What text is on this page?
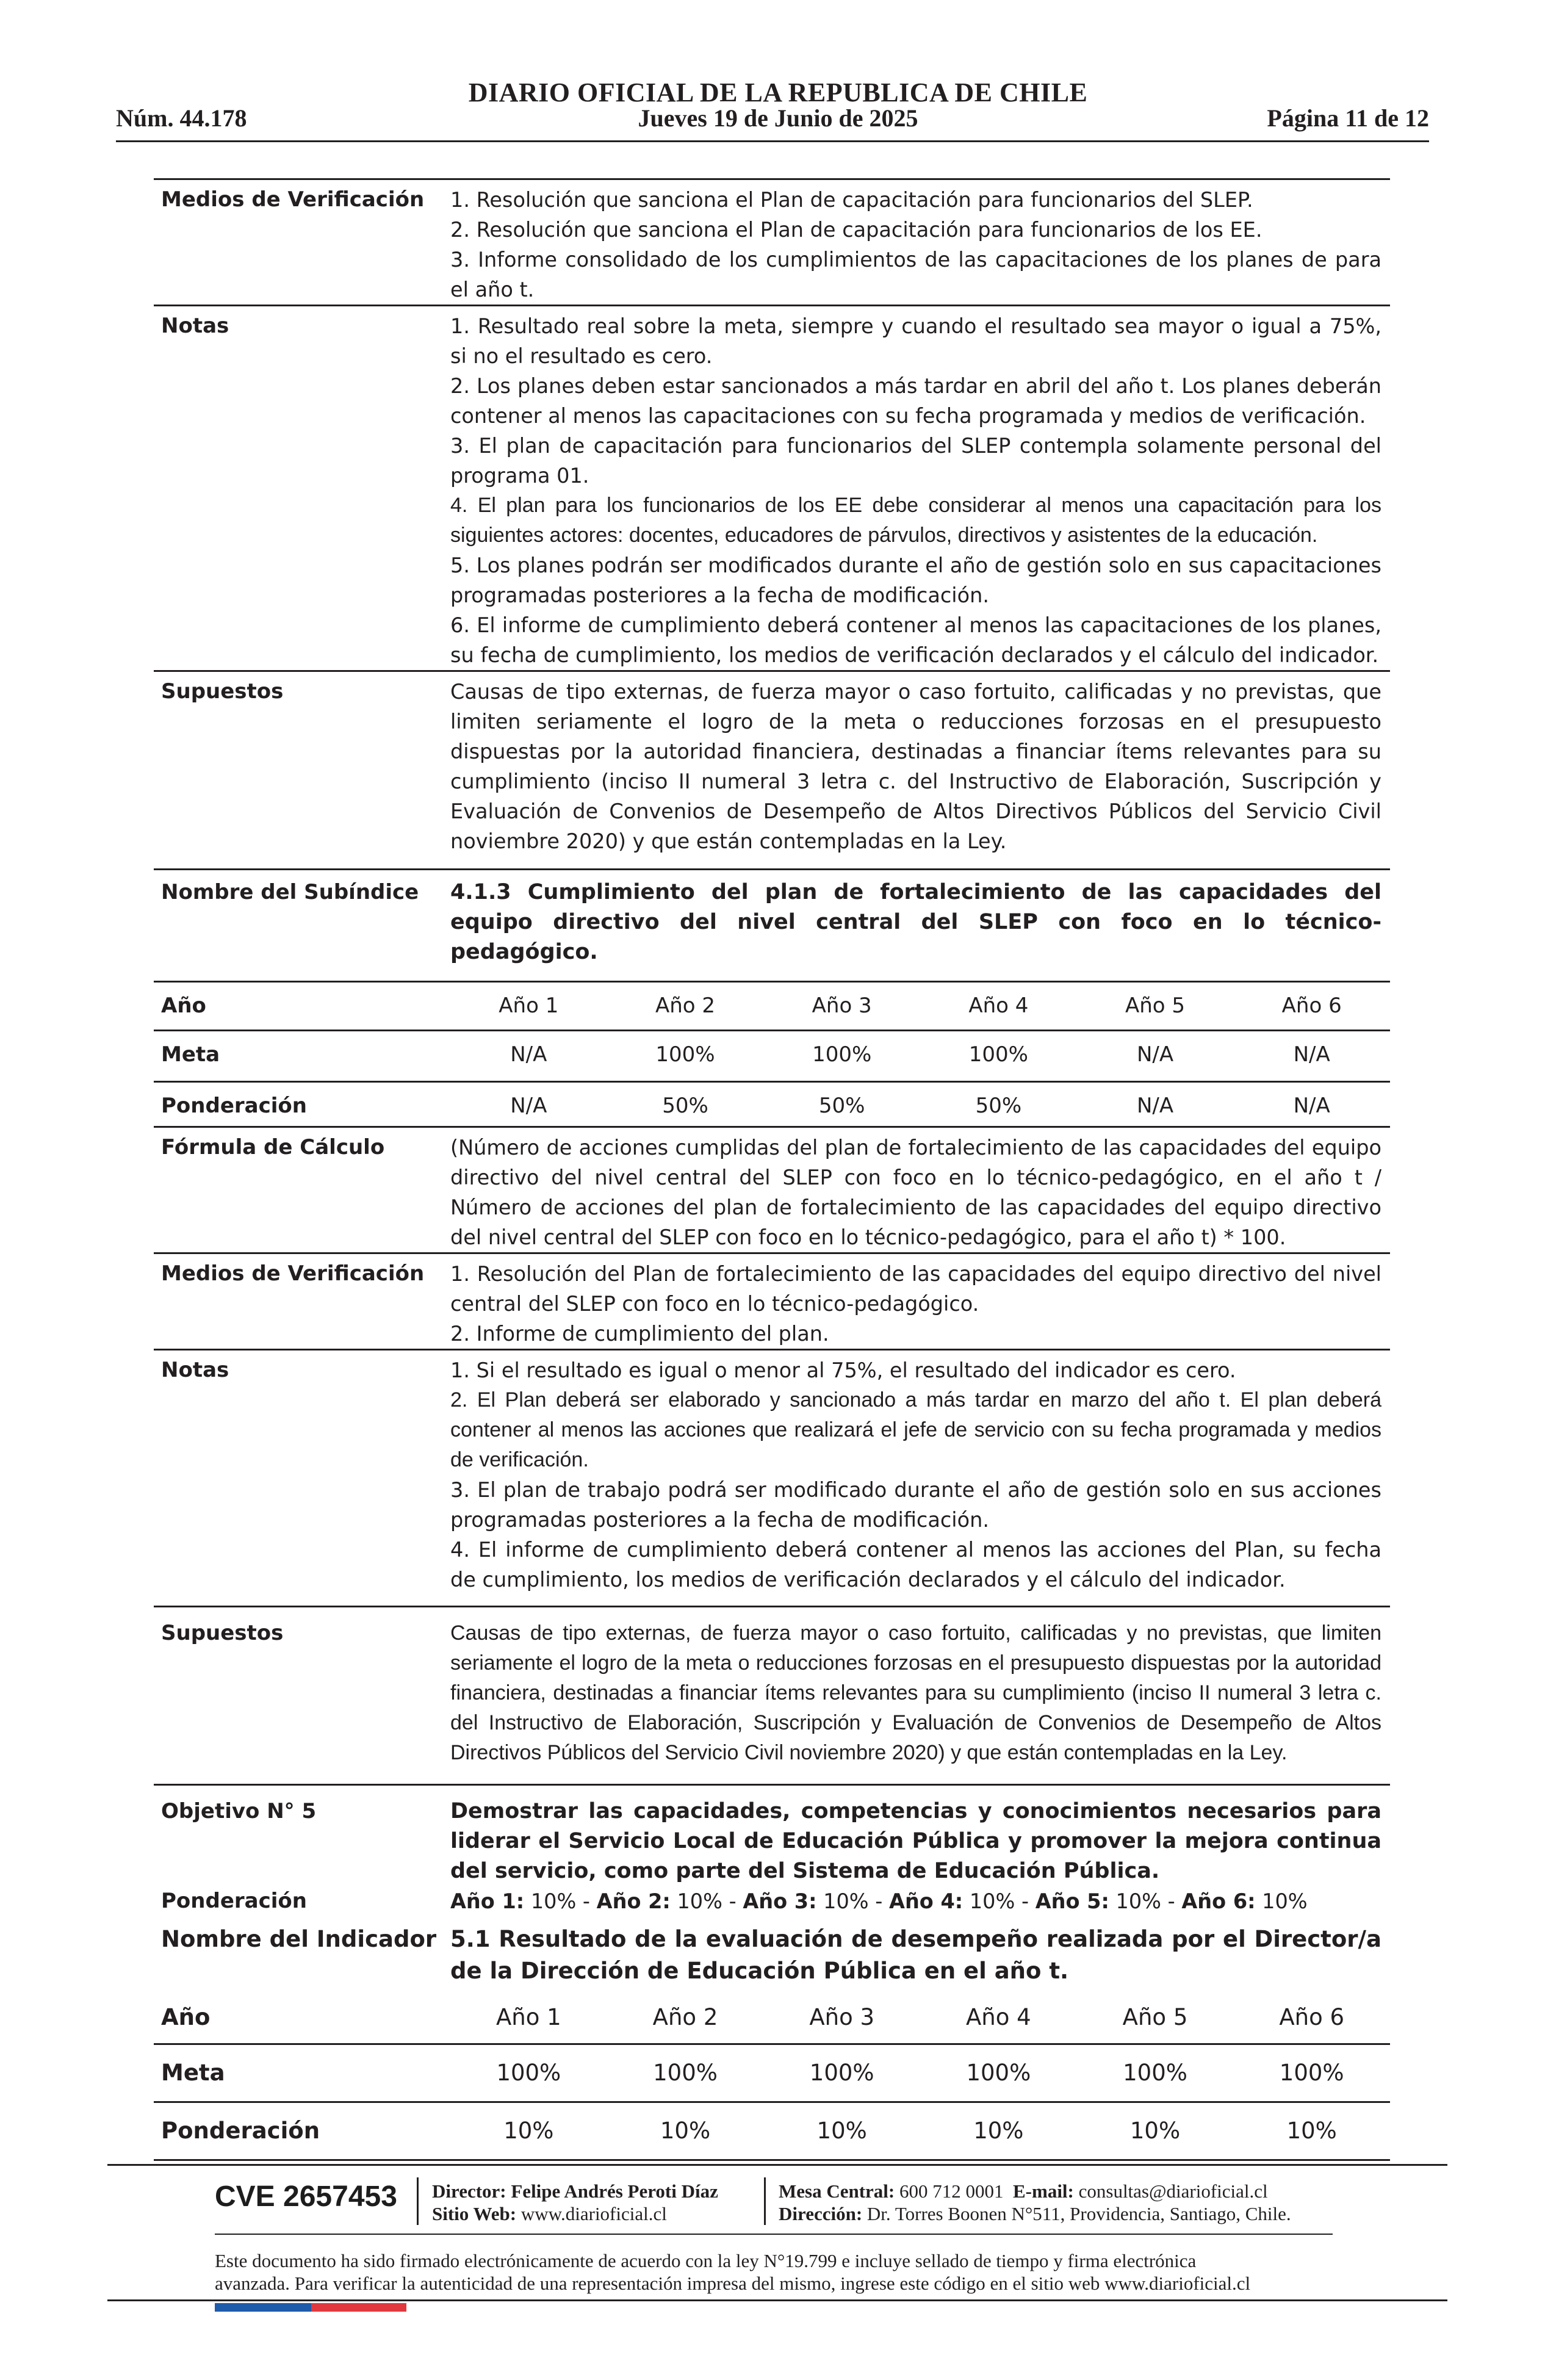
DIARIO OFICIAL DE LA REPUBLICA DE CHILE
Núm. 44.178	Jueves 19 de Junio de 2025	Página 11 de 12
Medios de Verificación	1. Resolución que sanciona el Plan de capacitación para funcionarios del SLEP.
2. Resolución que sanciona el Plan de capacitación para funcionarios de los EE.
3. Informe consolidado de los cumplimientos de las capacitaciones de los planes de para el año t.
Notas	1. Resultado real sobre la meta, siempre y cuando el resultado sea mayor o igual a 75%, si no el resultado es cero.
2. Los planes deben estar sancionados a más tardar en abril del año t. Los planes deberán contener al menos las capacitaciones con su fecha programada y medios de verificación.
3. El plan de capacitación para funcionarios del SLEP contempla solamente personal del programa 01.
4. El plan para los funcionarios de los EE debe considerar al menos una capacitación para los siguientes actores: docentes, educadores de párvulos, directivos y asistentes de la educación.
5. Los planes podrán ser modificados durante el año de gestión solo en sus capacitaciones programadas posteriores a la fecha de modificación.
6. El informe de cumplimiento deberá contener al menos las capacitaciones de los planes, su fecha de cumplimiento, los medios de verificación declarados y el cálculo del indicador.
Supuestos	Causas de tipo externas, de fuerza mayor o caso fortuito, calificadas y no previstas, que limiten seriamente el logro de la meta o reducciones forzosas en el presupuesto dispuestas por la autoridad financiera, destinadas a financiar ítems relevantes para su cumplimiento (inciso II numeral 3 letra c. del Instructivo de Elaboración, Suscripción y Evaluación de Convenios de Desempeño de Altos Directivos Públicos del Servicio Civil noviembre 2020) y que están contempladas en la Ley.
Nombre del Subíndice	4.1.3 Cumplimiento del plan de fortalecimiento de las capacidades del equipo directivo del nivel central del SLEP con foco en lo técnico-pedagógico.
Año	Año 1	Año 2	Año 3	Año 4	Año 5	Año 6
Meta	N/A	100%	100%	100%	N/A	N/A
Ponderación	N/A	50%	50%	50%	N/A	N/A
Fórmula de Cálculo	(Número de acciones cumplidas del plan de fortalecimiento de las capacidades del equipo directivo del nivel central del SLEP con foco en lo técnico-pedagógico, en el año t / Número de acciones del plan de fortalecimiento de las capacidades del equipo directivo del nivel central del SLEP con foco en lo técnico-pedagógico, para el año t) * 100.
Medios de Verificación	1. Resolución del Plan de fortalecimiento de las capacidades del equipo directivo del nivel central del SLEP con foco en lo técnico-pedagógico.
2. Informe de cumplimiento del plan.
Notas	1. Si el resultado es igual o menor al 75%, el resultado del indicador es cero.
2. El Plan deberá ser elaborado y sancionado a más tardar en marzo del año t. El plan deberá contener al menos las acciones que realizará el jefe de servicio con su fecha programada y medios de verificación.
3. El plan de trabajo podrá ser modificado durante el año de gestión solo en sus acciones programadas posteriores a la fecha de modificación.
4. El informe de cumplimiento deberá contener al menos las acciones del Plan, su fecha de cumplimiento, los medios de verificación declarados y el cálculo del indicador.
Supuestos	Causas de tipo externas, de fuerza mayor o caso fortuito, calificadas y no previstas, que limiten seriamente el logro de la meta o reducciones forzosas en el presupuesto dispuestas por la autoridad financiera, destinadas a financiar ítems relevantes para su cumplimiento (inciso II numeral 3 letra c. del Instructivo de Elaboración, Suscripción y Evaluación de Convenios de Desempeño de Altos Directivos Públicos del Servicio Civil noviembre 2020) y que están contempladas en la Ley.
Objetivo N° 5	Demostrar las capacidades, competencias y conocimientos necesarios para liderar el Servicio Local de Educación Pública y promover la mejora continua del servicio, como parte del Sistema de Educación Pública.
Ponderación	Año 1: 10% - Año 2: 10% - Año 3: 10% - Año 4: 10% - Año 5: 10% - Año 6: 10%
Nombre del Indicador 5.1 Resultado de la evaluación de desempeño realizada por el Director/a de la Dirección de Educación Pública en el año t.
Año	Año 1	Año 2	Año 3	Año 4	Año 5	Año 6
Meta	100%	100%	100%	100%	100%	100%
Ponderación	10%	10%	10%	10%	10%	10%
CVE 2657453 Director: Felipe Andrés Peroti Díaz
Sitio Web: www.diarioficial.cl
Mesa Central: 600 712 0001 E-mail: consultas@diarioficial.cl
Dirección: Dr. Torres Boonen N°511, Providencia, Santiago, Chile.
Este documento ha sido firmado electrónicamente de acuerdo con la ley N°19.799 e incluye sellado de tiempo y firma electrónica
avanzada. Para verificar la autenticidad de una representación impresa del mismo, ingrese este código en el sitio web www.diarioficial.cl
